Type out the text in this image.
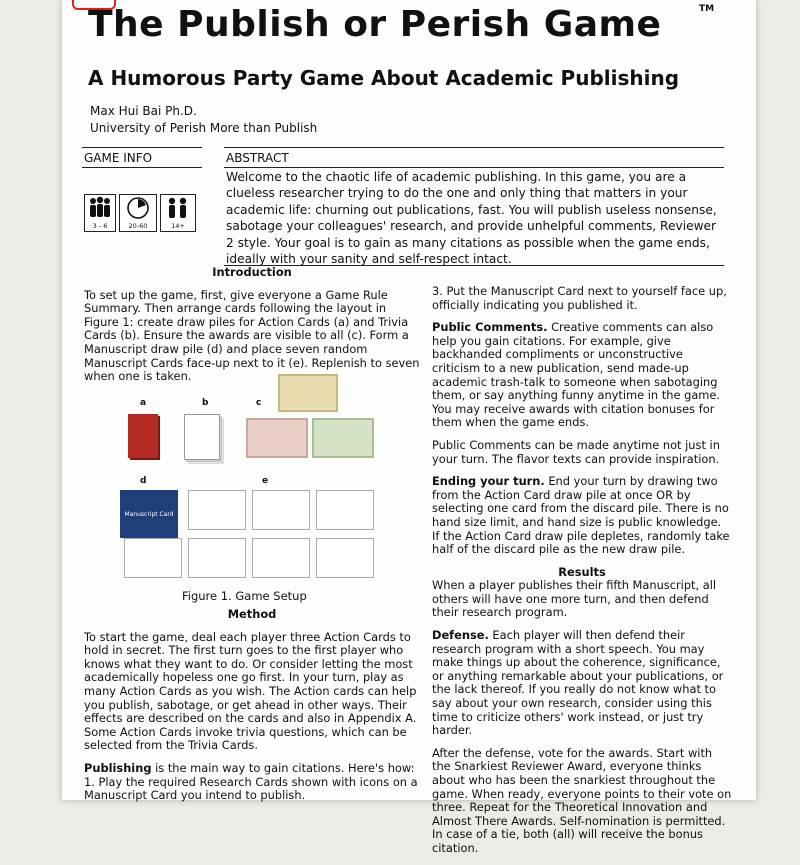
The Publish or Perish Game	TM
A Humorous Party Game About Academic Publishing
Max Hui Bai Ph.D.
University of Perish More than Publish
GAME INFO	ABSTRACT
Welcome to the chaotic life of academic publishing. In this game, you are a clueless researcher trying to do the one and only thing that matters in your academic life: churning out publications, fast. You will publish useless nonsense, sabotage your colleagues' research, and provide unhelpful comments, Reviewer 2 style. Your goal is to gain as many citations as possible when the game ends, ideally with your sanity and self-respect intact.
3 - 6	20-60	14+

Introduction

To set up the game, first, give everyone a Game Rule Summary. Then arrange cards following the layout in Figure 1: create draw piles for Action Cards (a) and Trivia Cards (b). Ensure the awards are visible to all (c). Form a Manuscript draw pile (d) and place seven random Manuscript Cards face-up next to it (e). Replenish to seven when one is taken.

a	b	c
d
Manuscript Card
e
Figure 1. Game Setup

Method

To start the game, deal each player three Action Cards to hold in secret. The first turn goes to the first player who knows what they want to do. Or consider letting the most academically hopeless one go first. In your turn, play as many Action Cards as you wish. The Action cards can help you publish, sabotage, or get ahead in other ways. Their effects are described on the cards and also in Appendix A. Some Action Cards invoke trivia questions, which can be selected from the Trivia Cards.

Publishing is the main way to gain citations. Here's how:

1. Play the required Research Cards shown with icons on a Manuscript Card you intend to publish.

3. Put the Manuscript Card next to yourself face up, officially indicating you published it.

Public Comments. Creative comments can also help you gain citations. For example, give backhanded compliments or unconstructive criticism to a new publication, send made-up academic trash-talk to someone when sabotaging them, or say anything funny anytime in the game. You may receive awards with citation bonuses for them when the game ends.

Public Comments can be made anytime not just in your turn. The flavor texts can provide inspiration.

Ending your turn. End your turn by drawing two from the Action Card draw pile at once OR by selecting one card from the discard pile. There is no hand size limit, and hand size is public knowledge. If the Action Card draw pile depletes, randomly take half of the discard pile as the new draw pile.

Results

When a player publishes their fifth Manuscript, all others will have one more turn, and then defend their research program.

Defense. Each player will then defend their research program with a short speech. You may make things up about the coherence, significance, or anything remarkable about your publications, or the lack thereof. If you really do not know what to say about your own research, consider using this time to criticize others' work instead, or just try harder.

After the defense, vote for the awards. Start with the Snarkiest Reviewer Award, everyone thinks about who has been the snarkiest throughout the game. When ready, everyone points to their vote on three. Repeat for the Theoretical Innovation and Almost There Awards. Self-nomination is permitted. In case of a tie, both (all) will receive the bonus citation.
